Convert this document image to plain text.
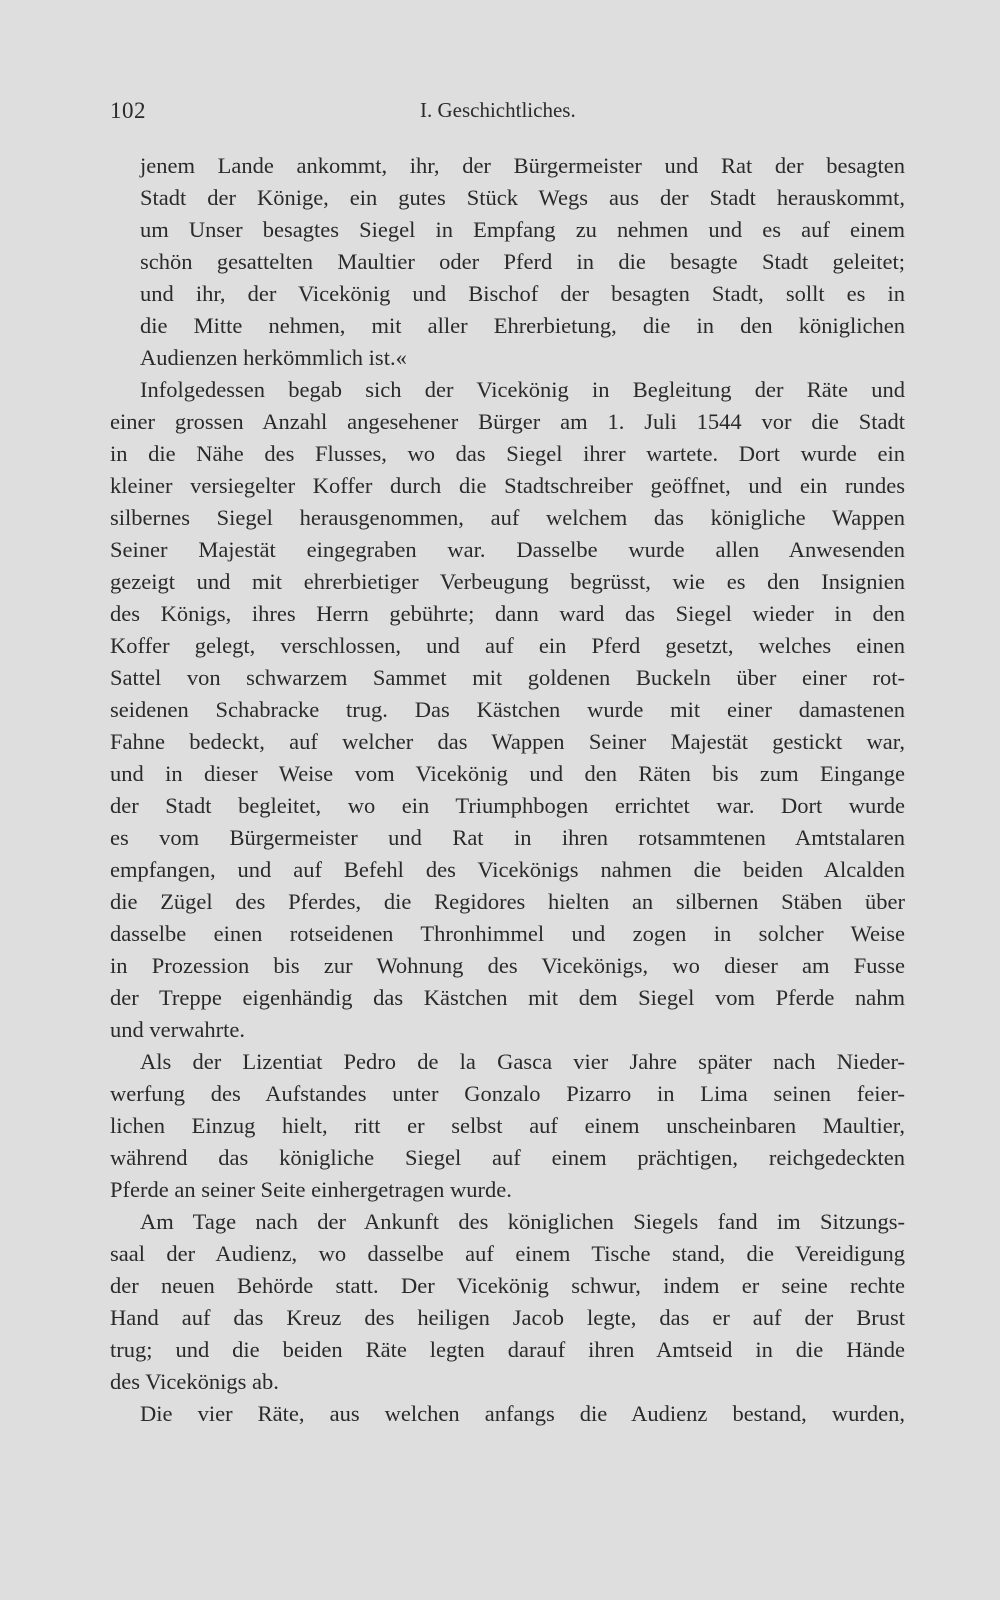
102	I. Geschichtliches.
jenem Lande ankommt, ihr, der Bürgermeister und Rat der besagten
Stadt der Könige, ein gutes Stück Wegs aus der Stadt herauskommt,
um Unser besagtes Siegel in Empfang zu nehmen und es auf einem
schön gesattelten Maultier oder Pferd in die besagte Stadt geleitet;
und ihr, der Vicekönig und Bischof der besagten Stadt, sollt es in
die Mitte nehmen, mit aller Ehrerbietung, die in den königlichen
Audienzen herkömmlich ist.«
Infolgedessen begab sich der Vicekönig in Begleitung der Räte und
einer grossen Anzahl angesehener Bürger am 1. Juli 1544 vor die Stadt
in die Nähe des Flusses, wo das Siegel ihrer wartete. Dort wurde ein
kleiner versiegelter Koffer durch die Stadtschreiber geöffnet, und ein rundes
silbernes Siegel herausgenommen, auf welchem das königliche Wappen
Seiner Majestät eingegraben war. Dasselbe wurde allen Anwesenden
gezeigt und mit ehrerbietiger Verbeugung begrüsst, wie es den Insignien
des Königs, ihres Herrn gebührte; dann ward das Siegel wieder in den
Koffer gelegt, verschlossen, und auf ein Pferd gesetzt, welches einen
Sattel von schwarzem Sammet mit goldenen Buckeln über einer rot-
seidenen Schabracke trug. Das Kästchen wurde mit einer damastenen
Fahne bedeckt, auf welcher das Wappen Seiner Majestät gestickt war,
und in dieser Weise vom Vicekönig und den Räten bis zum Eingange
der Stadt begleitet, wo ein Triumphbogen errichtet war. Dort wurde
es vom Bürgermeister und Rat in ihren rotsammtenen Amtstalaren
empfangen, und auf Befehl des Vicekönigs nahmen die beiden Alcalden
die Zügel des Pferdes, die Regidores hielten an silbernen Stäben über
dasselbe einen rotseidenen Thronhimmel und zogen in solcher Weise
in Prozession bis zur Wohnung des Vicekönigs, wo dieser am Fusse
der Treppe eigenhändig das Kästchen mit dem Siegel vom Pferde nahm
und verwahrte.
Als der Lizentiat Pedro de la Gasca vier Jahre später nach Nieder-
werfung des Aufstandes unter Gonzalo Pizarro in Lima seinen feier-
lichen Einzug hielt, ritt er selbst auf einem unscheinbaren Maultier,
während das königliche Siegel auf einem prächtigen, reichgedeckten
Pferde an seiner Seite einhergetragen wurde.
Am Tage nach der Ankunft des königlichen Siegels fand im Sitzungs-
saal der Audienz, wo dasselbe auf einem Tische stand, die Vereidigung
der neuen Behörde statt. Der Vicekönig schwur, indem er seine rechte
Hand auf das Kreuz des heiligen Jacob legte, das er auf der Brust
trug; und die beiden Räte legten darauf ihren Amtseid in die Hände
des Vicekönigs ab.
Die vier Räte, aus welchen anfangs die Audienz bestand, wurden,
